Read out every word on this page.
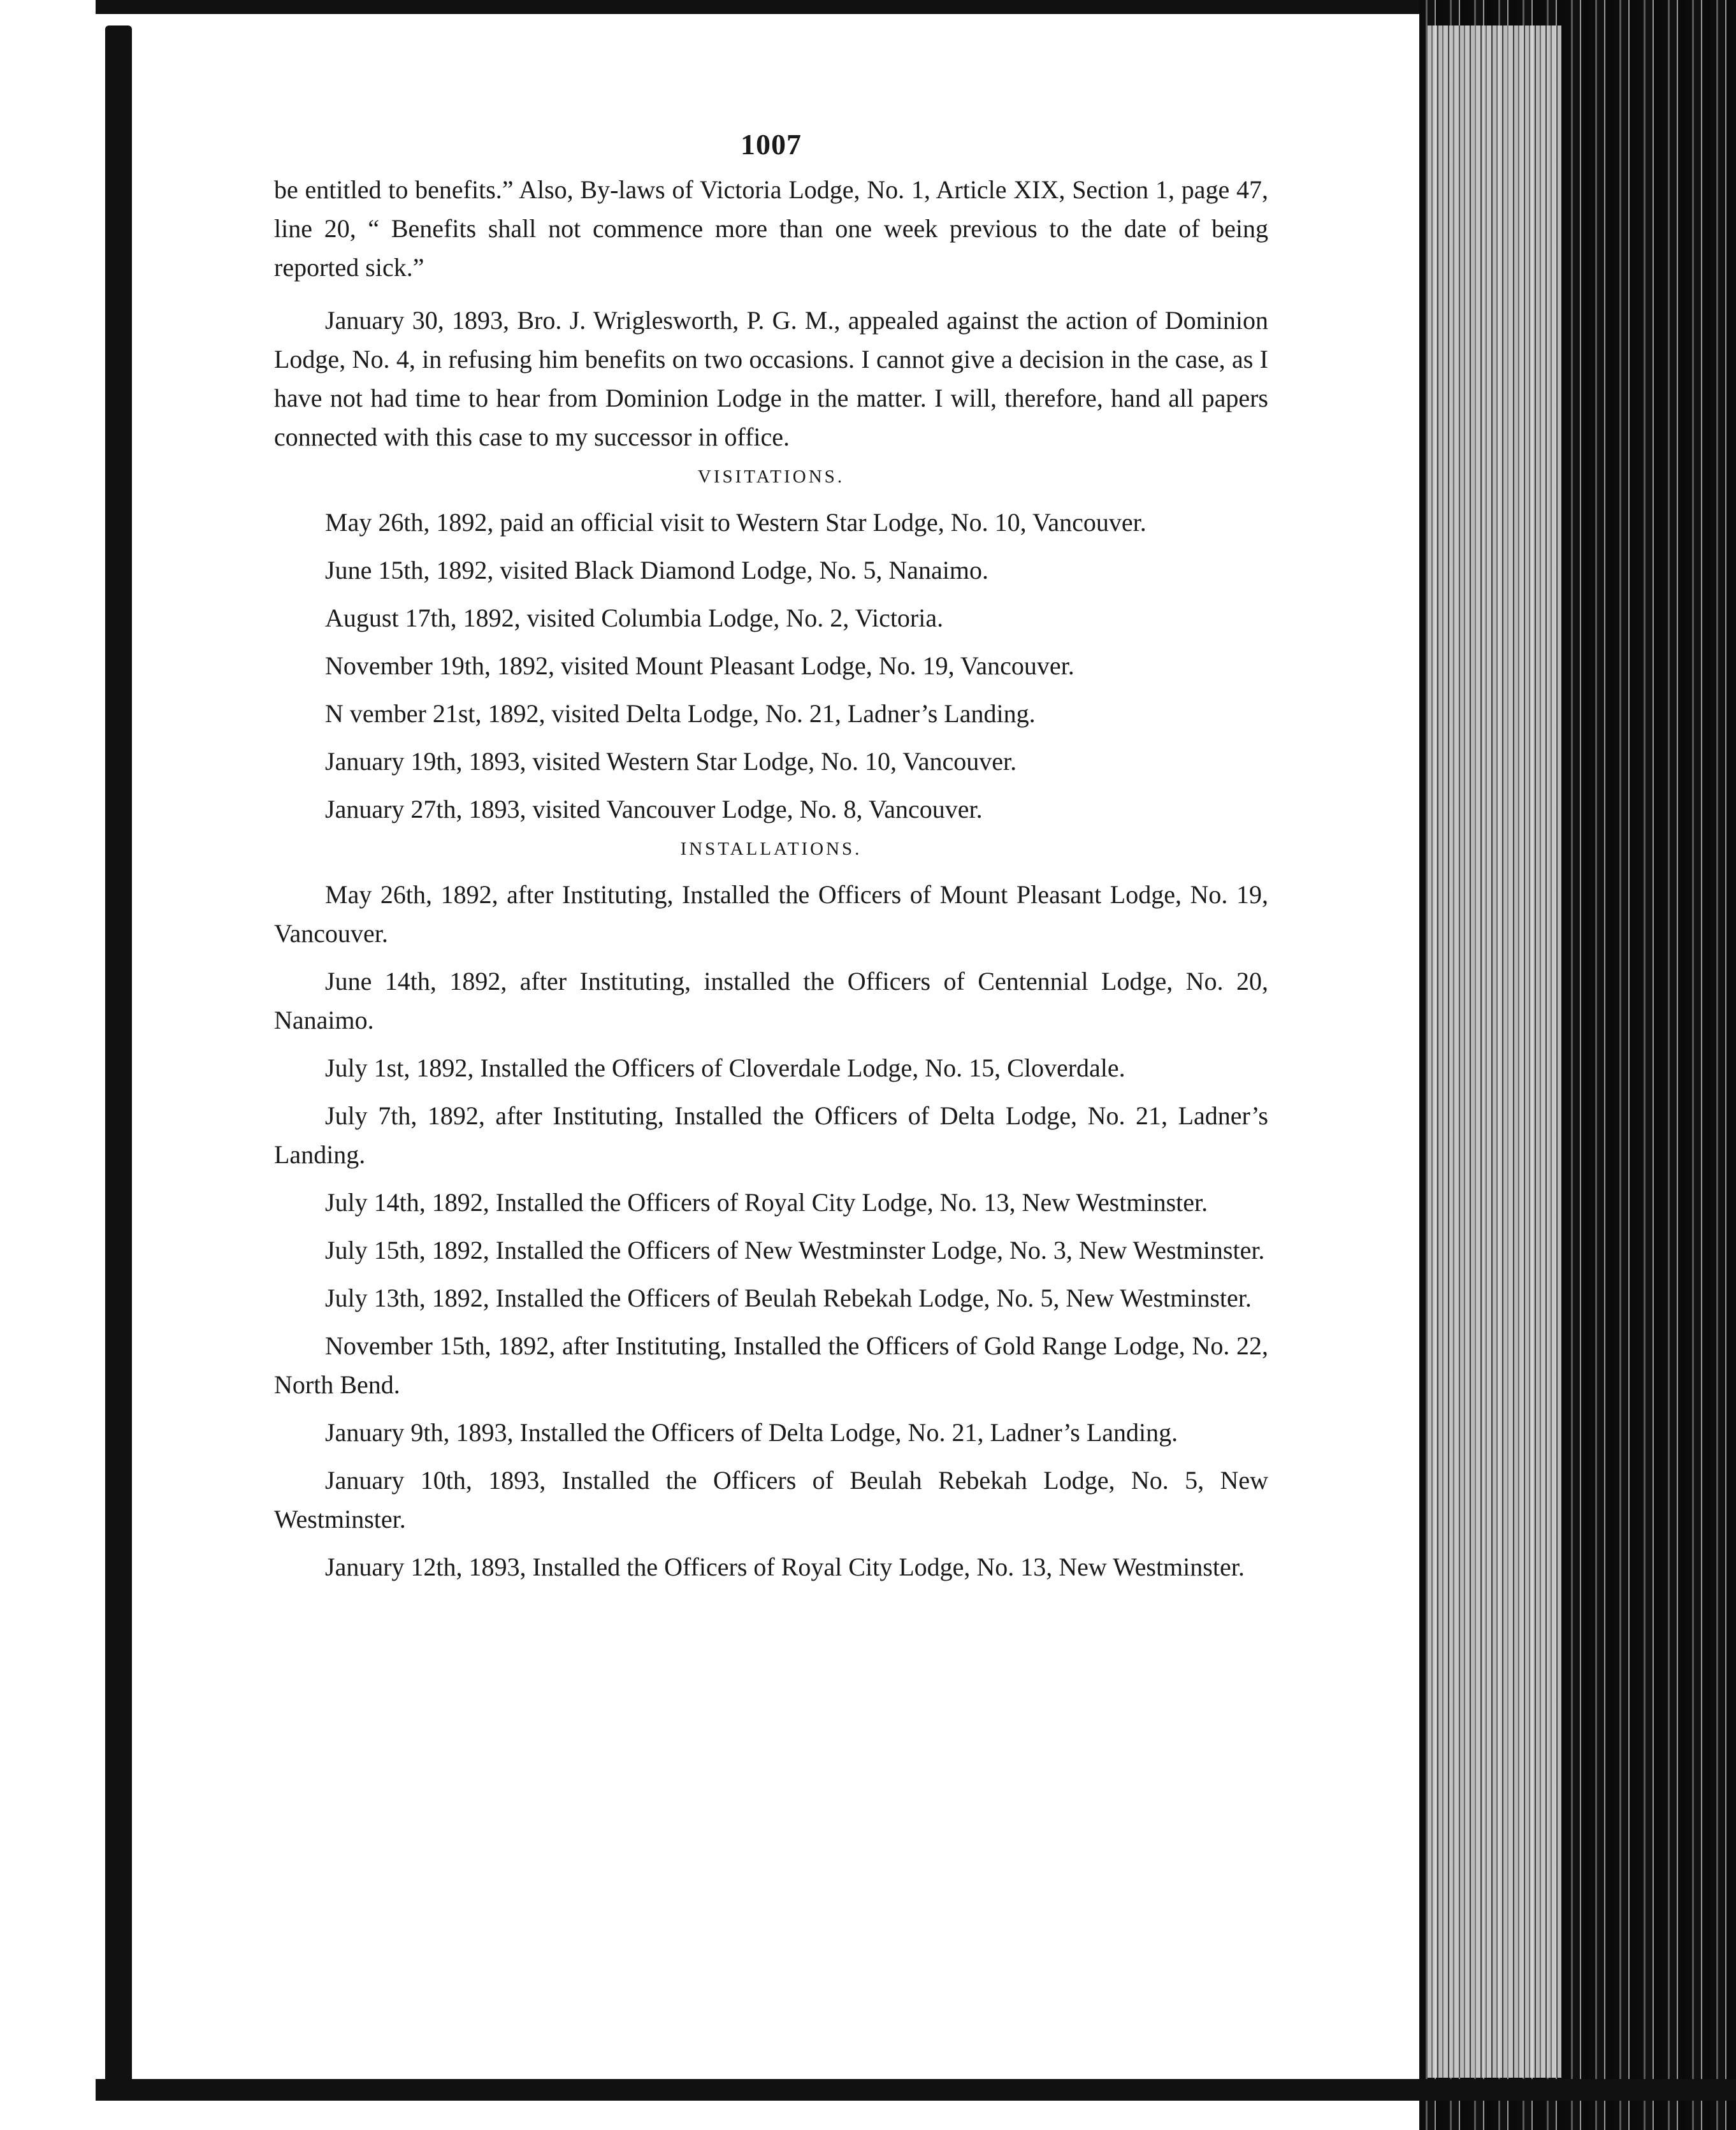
1007

be entitled to benefits.” Also, By-laws of Victoria Lodge, No. 1, Article XIX, Section 1, page 47, line 20, “ Benefits shall not commence more than one week previous to the date of being reported sick.”

January 30, 1893, Bro. J. Wriglesworth, P. G. M., appealed against the action of Dominion Lodge, No. 4, in refusing him benefits on two occasions. I cannot give a decision in the case, as I have not had time to hear from Dominion Lodge in the matter. I will, therefore, hand all papers connected with this case to my successor in office.

VISITATIONS.

May 26th, 1892, paid an official visit to Western Star Lodge, No. 10, Vancouver.

June 15th, 1892, visited Black Diamond Lodge, No. 5, Nanaimo.

August 17th, 1892, visited Columbia Lodge, No. 2, Victoria.

November 19th, 1892, visited Mount Pleasant Lodge, No. 19, Vancouver.

N vember 21st, 1892, visited Delta Lodge, No. 21, Ladner’s Landing.

January 19th, 1893, visited Western Star Lodge, No. 10, Vancouver.

January 27th, 1893, visited Vancouver Lodge, No. 8, Vancouver.

INSTALLATIONS.

May 26th, 1892, after Instituting, Installed the Officers of Mount Pleasant Lodge, No. 19, Vancouver.

June 14th, 1892, after Instituting, installed the Officers of Centennial Lodge, No. 20, Nanaimo.

July 1st, 1892, Installed the Officers of Cloverdale Lodge, No. 15, Cloverdale.

July 7th, 1892, after Instituting, Installed the Officers of Delta Lodge, No. 21, Ladner’s Landing.

July 14th, 1892, Installed the Officers of Royal City Lodge, No. 13, New Westminster.

July 15th, 1892, Installed the Officers of New Westminster Lodge, No. 3, New Westminster.

July 13th, 1892, Installed the Officers of Beulah Rebekah Lodge, No. 5, New Westminster.

November 15th, 1892, after Instituting, Installed the Officers of Gold Range Lodge, No. 22, North Bend.

January 9th, 1893, Installed the Officers of Delta Lodge, No. 21, Ladner’s Landing.

January 10th, 1893, Installed the Officers of Beulah Rebekah Lodge, No. 5, New Westminster.

January 12th, 1893, Installed the Officers of Royal City Lodge, No. 13, New Westminster.
